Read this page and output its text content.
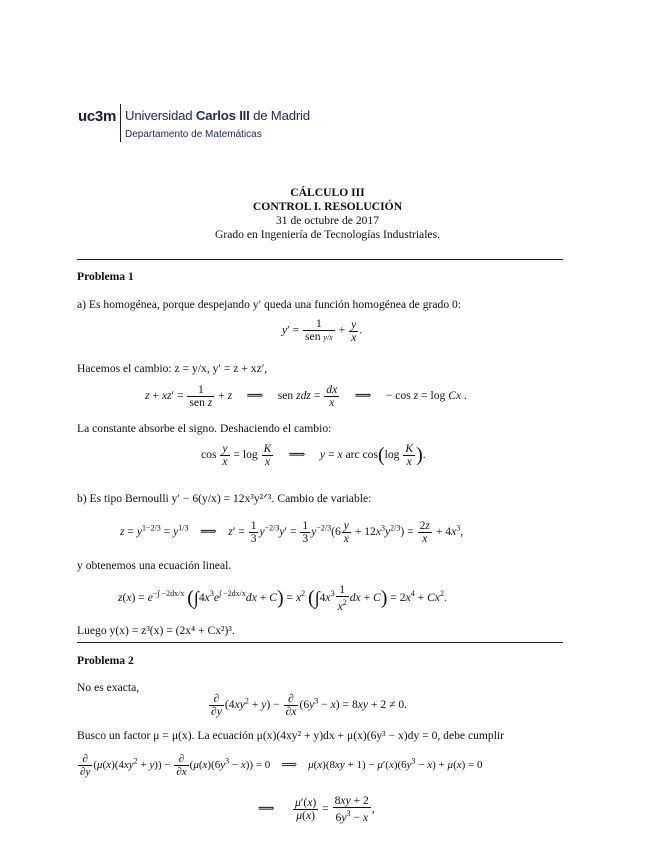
uc3m Universidad Carlos III de Madrid
Departamento de Matemáticas
CÁLCULO III
CONTROL I. RESOLUCIÓN
31 de octubre de 2017
Grado en Ingeniería de Tecnologías Industriales.
Problema 1
a) Es homogénea, porque despejando y′ queda una función homogénea de grado 0:
$y' = \frac{1}{\text{sen y/x}} + \frac{y}{x}$ .
Hacemos el cambio: z = y/x, y′ = z + xz′,
$z + xz' = \frac{1}{\text{sen z}} + z$     ⟹     sen zdz = $\frac{dx}{x}$ ⟹     − cos z = log Cx .
La constante absorbe el signo. Deshaciendo el cambio:
$\cos \frac{y}{x} = \log \frac{K}{x}$ ⟹     y = x arc $\cos(\log \frac{K}{x}$ ).
b) Es tipo Bernoulli y′ − 6(y/x) = 12x³y²ᐟ³. Cambio de variable:
$z = y^{1-2/3} = y^{1/3}$    ⟹    $z' = \frac{1}{3} y^{-2/3}y' = \frac{1}{3} y^{-2/3}(6 \frac{y}{x} + 12x^3y^{2/3}) = \frac{2z}{x} + 4x^3$,
y obtenemos una ecuación lineal.
$z(x) = e^{-\int -2dx/x}$ $(\int 4x^3e^{\int -2dx/x}dx + C) = x^2$ ($\int 4x^3 \frac{1}{x^2}$ dx + $C) = 2x^4 + Cx^2$.
Luego y(x) = z³(x) = (2x⁴ + Cx²)³.
Problema 2
No es exacta,
$\frac{\partial}{\partial y} (4xy^2 + y) - \frac{\partial}{\partial x} (6y^3 - x) = 8xy + 2 \ne 0$.
Busco un factor μ = μ(x). La ecuación μ(x)(4xy² + y)dx + μ(x)(6y³ − x)dy = 0, debe cumplir
$\frac{\partial}{\partial y} (\mu(x)(4xy^2 + y)) - \frac{\partial}{\partial x} (\mu(x)(6y^3 - x)) = 0$    ⟹    $\mu(x)(8xy + 1) - \mu'(x)(6y^3 - x) + \mu(x) = 0$
⟹ $\frac{\mu'(x)}{\mu(x)} = \frac{8xy + 2}{6y^3 - x}$ ,
